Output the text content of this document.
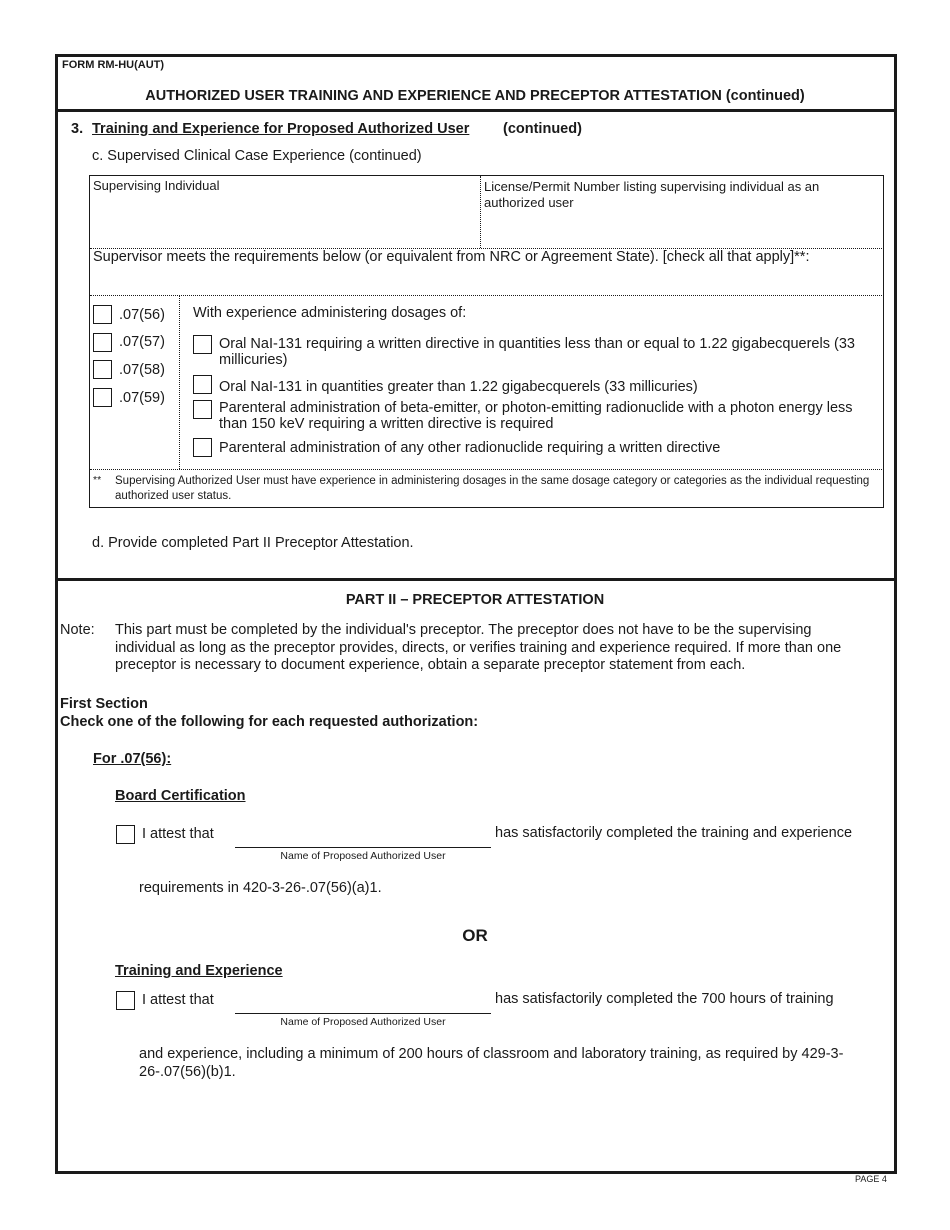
FORM RM-HU(AUT)
AUTHORIZED USER TRAINING AND EXPERIENCE AND PRECEPTOR ATTESTATION (continued)
3. Training and Experience for Proposed Authorized User (continued)
c. Supervised Clinical Case Experience (continued)
Supervising Individual	License/Permit Number listing supervising individual as an authorized user
Supervisor meets the requirements below (or equivalent from NRC or Agreement State). [check all that apply]**:
.07(56)
.07(57)
.07(58)
.07(59)
With experience administering dosages of:
Oral NaI-131 requiring a written directive in quantities less than or equal to 1.22 gigabecquerels (33 millicuries)
Oral NaI-131 in quantities greater than 1.22 gigabecquerels (33 millicuries)
Parenteral administration of beta-emitter, or photon-emitting radionuclide with a photon energy less than 150 keV requiring a written directive is required
Parenteral administration of any other radionuclide requiring a written directive
** Supervising Authorized User must have experience in administering dosages in the same dosage category or categories as the individual requesting authorized user status.
d. Provide completed Part II Preceptor Attestation.
PART II – PRECEPTOR ATTESTATION
Note: This part must be completed by the individual's preceptor. The preceptor does not have to be the supervising individual as long as the preceptor provides, directs, or verifies training and experience required. If more than one preceptor is necessary to document experience, obtain a separate preceptor statement from each.
First Section
Check one of the following for each requested authorization:
For .07(56):
Board Certification
I attest that
Name of Proposed Authorized User
has satisfactorily completed the training and experience
requirements in 420-3-26-.07(56)(a)1.
OR
Training and Experience
I attest that
Name of Proposed Authorized User
has satisfactorily completed the 700 hours of training
and experience, including a minimum of 200 hours of classroom and laboratory training, as required by 429-3-26-.07(56)(b)1.
PAGE 4
